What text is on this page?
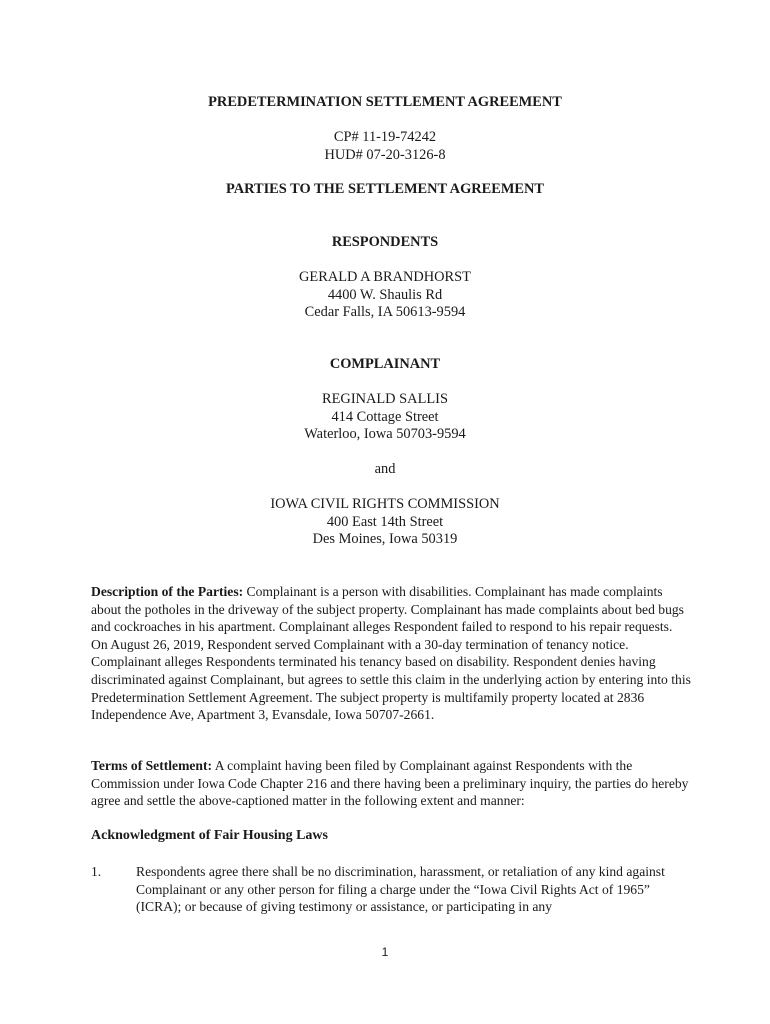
PREDETERMINATION SETTLEMENT AGREEMENT
CP# 11-19-74242
HUD# 07-20-3126-8
PARTIES TO THE SETTLEMENT AGREEMENT
RESPONDENTS
GERALD A BRANDHORST
4400 W. Shaulis Rd
Cedar Falls, IA 50613-9594
COMPLAINANT
REGINALD SALLIS
414 Cottage Street
Waterloo, Iowa 50703-9594
and
IOWA CIVIL RIGHTS COMMISSION
400 East 14th Street
Des Moines, Iowa 50319
Description of the Parties: Complainant is a person with disabilities. Complainant has made complaints about the potholes in the driveway of the subject property. Complainant has made complaints about bed bugs and cockroaches in his apartment. Complainant alleges Respondent failed to respond to his repair requests. On August 26, 2019, Respondent served Complainant with a 30-day termination of tenancy notice. Complainant alleges Respondents terminated his tenancy based on disability. Respondent denies having discriminated against Complainant, but agrees to settle this claim in the underlying action by entering into this Predetermination Settlement Agreement. The subject property is multifamily property located at 2836 Independence Ave, Apartment 3, Evansdale, Iowa 50707-2661.
Terms of Settlement: A complaint having been filed by Complainant against Respondents with the Commission under Iowa Code Chapter 216 and there having been a preliminary inquiry, the parties do hereby agree and settle the above-captioned matter in the following extent and manner:
Acknowledgment of Fair Housing Laws
1.	Respondents agree there shall be no discrimination, harassment, or retaliation of any kind against Complainant or any other person for filing a charge under the “Iowa Civil Rights Act of 1965” (ICRA); or because of giving testimony or assistance, or participating in any
1
